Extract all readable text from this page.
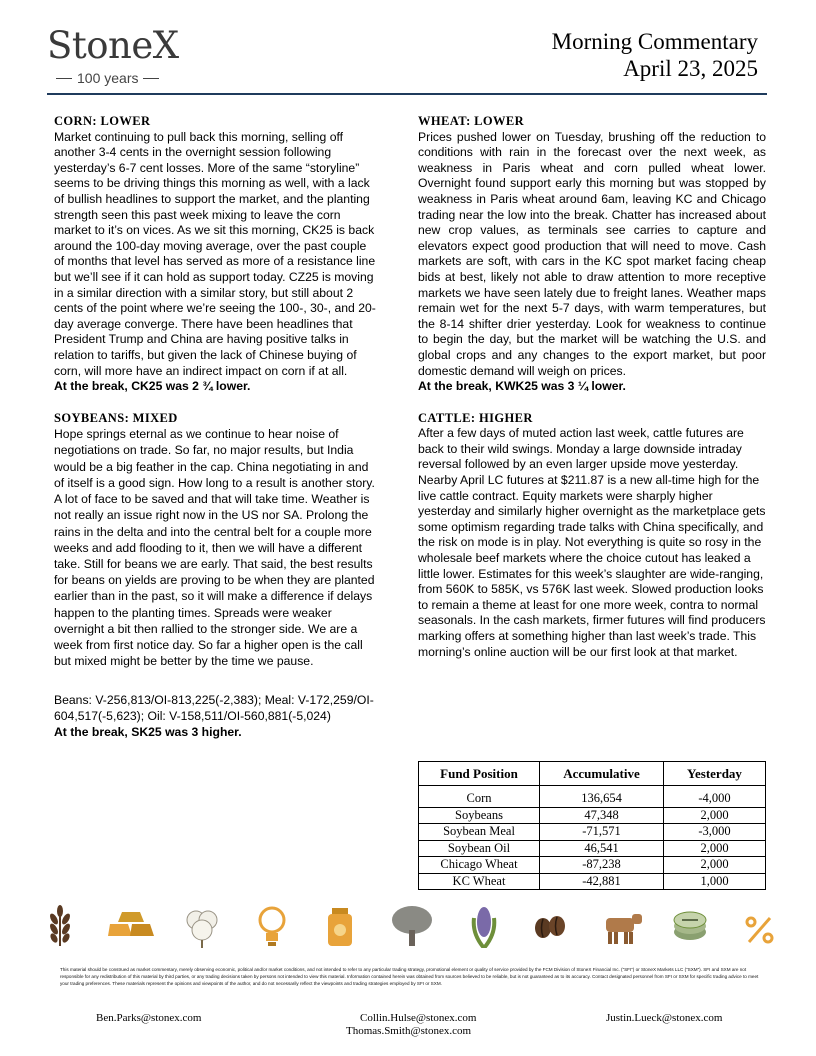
StoneX
100 years
Morning Commentary
April 23, 2025
CORN: LOWER

Market continuing to pull back this morning, selling off another 3-4 cents in the overnight session following yesterday’s 6-7 cent losses. More of the same “storyline” seems to be driving things this morning as well, with a lack of bullish headlines to support the market, and the planting strength seen this past week mixing to leave the corn market to it’s on vices. As we sit this morning, CK25 is back around the 100-day moving average, over the past couple of months that level has served as more of a resistance line but we’ll see if it can hold as support today. CZ25 is moving in a similar direction with a similar story, but still about 2 cents of the point where we’re seeing the 100-, 30-, and 20-day average converge. There have been headlines that President Trump and China are having positive talks in relation to tariffs, but given the lack of Chinese buying of corn, will more have an indirect impact on corn if at all.

At the break, CK25 was 2 ¾ lower.

SOYBEANS: MIXED

Hope springs eternal as we continue to hear noise of negotiations on trade. So far, no major results, but India would be a big feather in the cap. China negotiating in and of itself is a good sign. How long to a result is another story. A lot of face to be saved and that will take time. Weather is not really an issue right now in the US nor SA. Prolong the rains in the delta and into the central belt for a couple more weeks and add flooding to it, then we will have a different take. Still for beans we are early. That said, the best results for beans on yields are proving to be when they are planted earlier than in the past, so it will make a difference if delays happen to the planting times. Spreads were weaker overnight a bit then rallied to the stronger side. We are a week from first notice day. So far a higher open is the call but mixed might be better by the time we pause.

Beans: V-256,813/OI-813,225(-2,383); Meal: V-172,259/OI-604,517(-5,623); Oil: V-158,511/OI-560,881(-5,024)

At the break, SK25 was 3 higher.

WHEAT: LOWER

Prices pushed lower on Tuesday, brushing off the reduction to conditions with rain in the forecast over the next week, as weakness in Paris wheat and corn pulled wheat lower. Overnight found support early this morning but was stopped by weakness in Paris wheat around 6am, leaving KC and Chicago trading near the low into the break. Chatter has increased about new crop values, as terminals see carries to capture and elevators expect good production that will need to move. Cash markets are soft, with cars in the KC spot market facing cheap bids at best, likely not able to draw attention to more receptive markets we have seen lately due to freight lanes. Weather maps remain wet for the next 5-7 days, with warm temperatures, but the 8-14 shifter drier yesterday. Look for weakness to continue to begin the day, but the market will be watching the U.S. and global crops and any changes to the export market, but poor domestic demand will weigh on prices.

At the break, KWK25 was 3 ¼ lower.

CATTLE: HIGHER

After a few days of muted action last week, cattle futures are back to their wild swings. Monday a large downside intraday reversal followed by an even larger upside move yesterday. Nearby April LC futures at $211.87 is a new all-time high for the live cattle contract. Equity markets were sharply higher yesterday and similarly higher overnight as the marketplace gets some optimism regarding trade talks with China specifically, and the risk on mode is in play. Not everything is quite so rosy in the wholesale beef markets where the choice cutout has leaked a little lower. Estimates for this week’s slaughter are wide-ranging, from 560K to 585K, vs 576K last week. Slowed production looks to remain a theme at least for one more week, contra to normal seasonals. In the cash markets, firmer futures will find producers marking offers at something higher than last week’s trade. This morning’s online auction will be our first look at that market.

Fund Position	Accumulative	Yesterday
Corn	136,654	-4,000
Soybeans	47,348	2,000
Soybean Meal	-71,571	-3,000
Soybean Oil	46,541	2,000
Chicago Wheat	-87,238	2,000
KC Wheat	-42,881	1,000
This material should be construed as market commentary, merely observing economic, political and/or market conditions, and not intended to refer to any particular trading strategy, promotional element or quality of service provided by the FCM Division of StoneX Financial Inc. (“SFI”) or StoneX Markets LLC (“SXM”). SFI and SXM are not responsible for any redistribution of this material by third parties, or any trading decisions taken by persons not intended to view this material. Information contained herein was obtained from sources believed to be reliable, but is not guaranteed as to its accuracy. Contact designated personnel from SFI or SXM for specific trading advice to meet your trading preferences. These materials represent the opinions and viewpoints of the author, and do not necessarily reflect the viewpoints and trading strategies employed by SFI or SXM.
Ben.Parks@stonex.com	Collin.Hulse@stonex.com
Thomas.Smith@stonex.com
Justin.Lueck@stonex.com
